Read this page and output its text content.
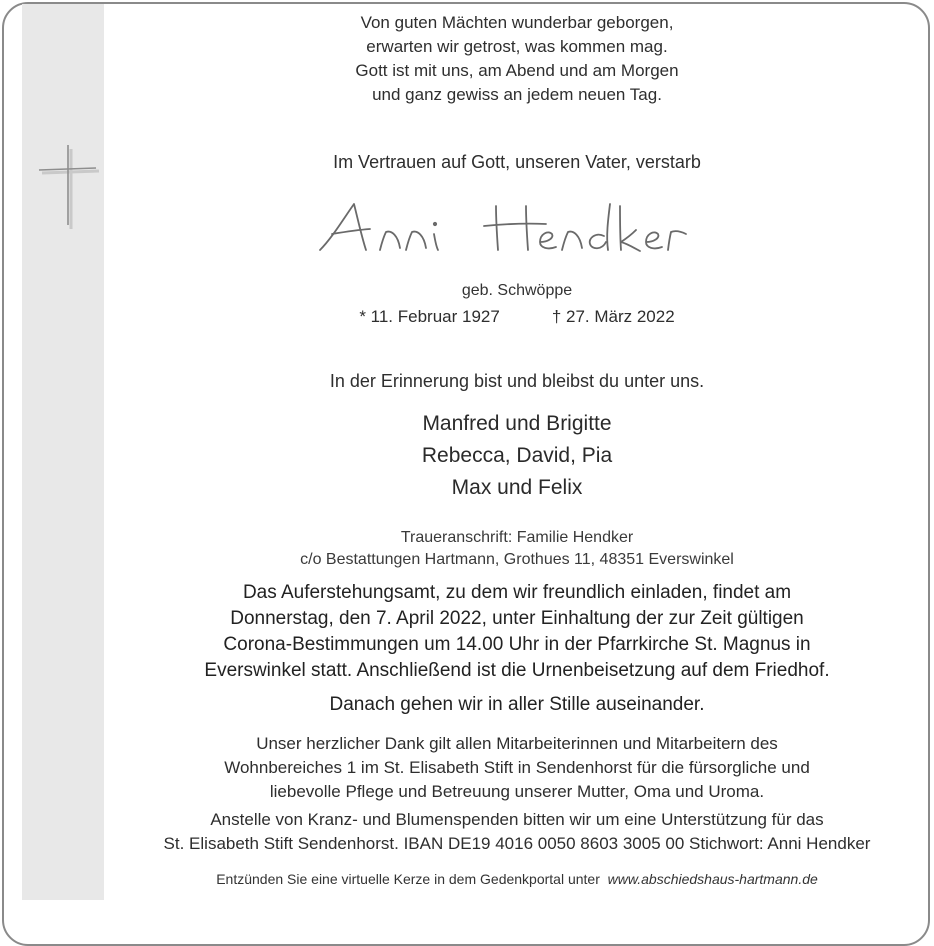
Von guten Mächten wunderbar geborgen,
erwarten wir getrost, was kommen mag.
Gott ist mit uns, am Abend und am Morgen
und ganz gewiss an jedem neuen Tag.
Im Vertrauen auf Gott, unseren Vater, verstarb
geb. Schwöppe
* 11. Februar 1927	† 27. März 2022
In der Erinnerung bist und bleibst du unter uns.
Manfred und Brigitte
Rebecca, David, Pia
Max und Felix
Traueranschrift: Familie Hendker
c/o Bestattungen Hartmann, Grothues 11, 48351 Everswinkel
Das Auferstehungsamt, zu dem wir freundlich einladen, findet am
Donnerstag, den 7. April 2022, unter Einhaltung der zur Zeit gültigen
Corona-Bestimmungen um 14.00 Uhr in der Pfarrkirche St. Magnus in
Everswinkel statt. Anschließend ist die Urnenbeisetzung auf dem Friedhof.
Danach gehen wir in aller Stille auseinander.
Unser herzlicher Dank gilt allen Mitarbeiterinnen und Mitarbeitern des
Wohnbereiches 1 im St. Elisabeth Stift in Sendenhorst für die fürsorgliche und
liebevolle Pflege und Betreuung unserer Mutter, Oma und Uroma.
Anstelle von Kranz- und Blumenspenden bitten wir um eine Unterstützung für das
St. Elisabeth Stift Sendenhorst. IBAN DE19 4016 0050 8603 3005 00 Stichwort: Anni Hendker
Entzünden Sie eine virtuelle Kerze in dem Gedenkportal unter www.abschiedshaus-hartmann.de
